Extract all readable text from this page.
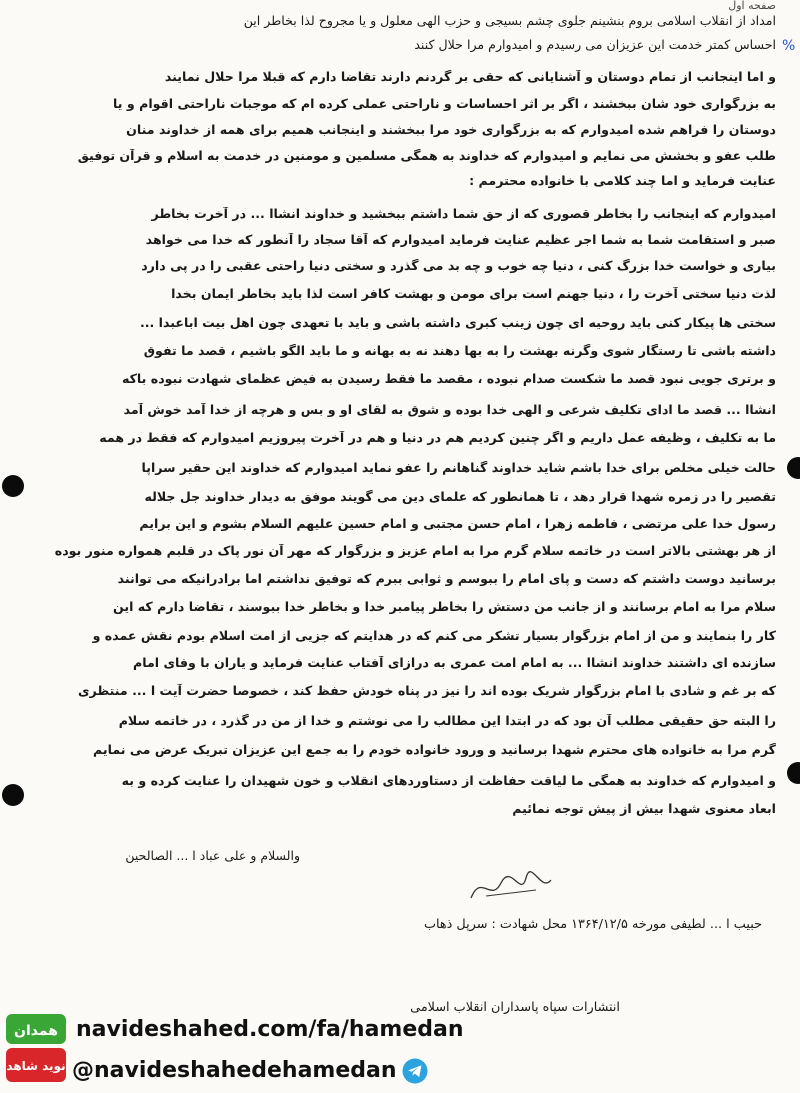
%
صفحه اول
امداد از انقلاب اسلامی بروم بنشینم جلوی چشم بسیجی و حزب الهی معلول و یا مجروح لذا بخاطر این
احساس کمتر خدمت این عزیزان می رسیدم و امیدوارم مرا حلال کنند
و اما اینجانب از تمام دوستان و آشنایانی که حقی بر گردنم دارند تقاضا دارم که قبلا مرا حلال نمایند
به بزرگواری خود شان ببخشند ، اگر بر اثر احساسات و ناراحتی عملی کرده ام که موجبات ناراحتی اقوام و یا
دوستان را فراهم شده امیدوارم که به بزرگواری خود مرا ببخشند و اینجانب همیم برای همه از خداوند منان
طلب عفو و بخشش می نمایم و امیدوارم که خداوند به همگی مسلمین و مومنین در خدمت به اسلام و قرآن توفیق
عنایت فرماید و اما چند کلامی با خانواده محترمم :
امیدوارم که اینجانب را بخاطر قصوری که از حق شما داشتم ببخشید و خداوند انشاا ... در آخرت بخاطر
صبر و استقامت شما به شما اجر عظیم عنایت فرماید امیدوارم که آقا سجاد را آنطور که خدا می خواهد
بیاری و خواست خدا بزرگ کنی ، دنیا چه خوب و چه بد می گذرد و سختی دنیا راحتی عقبی را در پی دارد
لذت دنیا سختی آخرت را ، دنیا جهنم است برای مومن و بهشت کافر است لذا باید بخاطر ایمان بخدا
سختی ها پیکار کنی باید روحیه ای چون زینب کبری داشته باشی و باید با تعهدی چون اهل بیت اباعبدا ...
داشته باشی تا رستگار شوی وگرنه بهشت را به بها دهند نه به بهانه و ما باید الگو باشیم ، قصد ما تفوق
و برتری جویی نبود قصد ما شکست صدام نبوده ، مقصد ما فقط رسیدن به فیض عظمای شهادت نبوده باکه
انشاا ... قصد ما ادای تکلیف شرعی و الهی خدا بوده و شوق به لقای او و بس و هرچه از خدا آمد خوش آمد
ما به تکلیف ، وظیفه عمل داریم و اگر چنین کردیم هم در دنیا و هم در آخرت پیروزیم امیدوارم که فقط در همه
حالت خیلی مخلص برای خدا باشم شاید خداوند گناهانم را عفو نماید امیدوارم که خداوند این حقیر سراپا
تقصیر را در زمره شهدا قرار دهد ، تا همانطور که علمای دین می گویند موفق به دیدار خداوند جل جلاله
رسول خدا علی مرتضی ، فاطمه زهرا ، امام حسن مجتبی و امام حسین علیهم السلام بشوم و این برایم
از هر بهشتی بالاتر است در خاتمه سلام گرم مرا به امام عزیز و بزرگوار که مهر آن نور پاک در قلبم همواره منور بوده
برسانید دوست داشتم که دست و پای امام را ببوسم و ثوابی ببرم که توفیق نداشتم اما برادرانیکه می توانند
سلام مرا به امام برسانند و از جانب من دستش را بخاطر پیامبر خدا و بخاطر خدا ببوسند ، تقاضا دارم که این
کار را بنمایند و من از امام بزرگوار بسیار تشکر می کنم که در هدایتم که جزیی از امت اسلام بودم نقش عمده و
سازنده ای داشتند خداوند انشاا ... به امام امت عمری به درازای آفتاب عنایت فرماید و یاران با وفای امام
که بر غم و شادی با امام بزرگوار شریک بوده اند را نیز در پناه خودش حفظ کند ، خصوصا حضرت آیت ا ... منتظری
را البته حق حقیقی مطلب آن بود که در ابتدا این مطالب را می نوشتم و خدا از من در گذرد ، در خاتمه سلام
گرم مرا به خانواده های محترم شهدا برسانید و ورود خانواده خودم را به جمع این عزیزان تبریک عرض می نمایم
و امیدوارم که خداوند به همگی ما لیاقت حفاظت از دستاوردهای انقلاب و خون شهیدان را عنایت کرده و به
ابعاد معنوی شهدا بیش از پیش توجه نمائیم
والسلام و علی عباد ا ... الصالحین
حبیب ا ... لطیفی مورخه ۱۳۶۴/۱۲/۵ محل شهادت : سرپل ذهاب
انتشارات سپاه پاسداران انقلاب اسلامی
همدان
نوید شاهد
navideshahed.com/fa/hamedan
@navideshahedehamedan
